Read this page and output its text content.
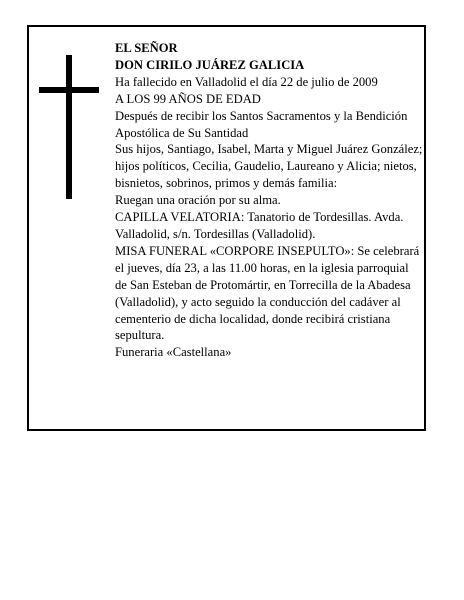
EL SEÑOR

DON CIRILO JUÁREZ GALICIA

Ha fallecido en Valladolid el día 22 de julio de 2009

A LOS 99 AÑOS DE EDAD

Después de recibir los Santos Sacramentos y la Bendición Apostólica de Su Santidad

Sus hijos, Santiago, Isabel, Marta y Miguel Juárez González; hijos políticos, Cecilia, Gaudelio, Laureano y Alicia; nietos, bisnietos, sobrinos, primos y demás familia:

Ruegan una oración por su alma.

CAPILLA VELATORIA: Tanatorio de Tordesillas. Avda. Valladolid, s/n. Tordesillas (Valladolid).

MISA FUNERAL «CORPORE INSEPULTO»: Se celebrará el jueves, día 23, a las 11.00 horas, en la iglesia parroquial de San Esteban de Protomártir, en Torrecilla de la Abadesa (Valladolid), y acto seguido la conducción del cadáver al cementerio de dicha localidad, donde recibirá cristiana sepultura.

Funeraria «Castellana»
